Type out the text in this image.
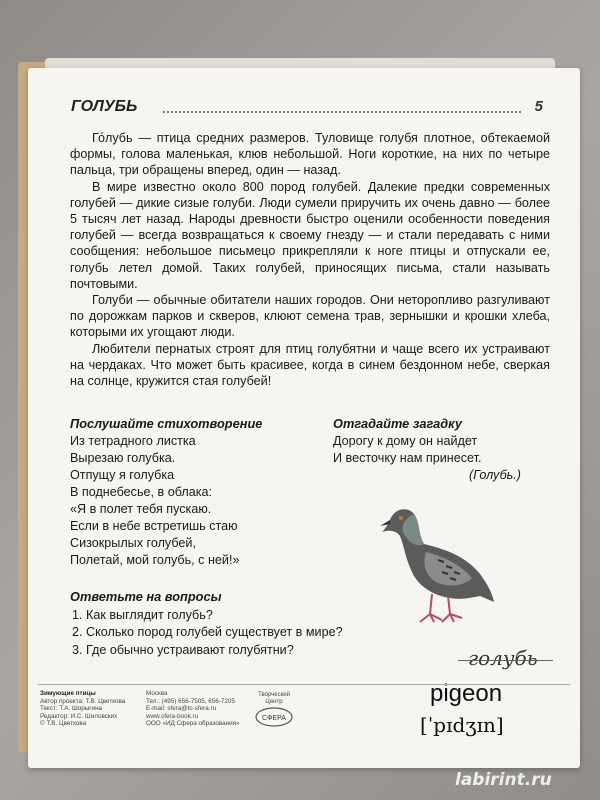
ГОЛУБЬ	5

Го́лубь — птица средних размеров. Туловище голубя плотное, обтекаемой формы, голова маленькая, клюв небольшой. Ноги короткие, на них по четыре пальца, три обращены вперед, один — назад.

В мире известно около 800 пород голубей. Далекие предки современных голубей — дикие сизые голуби. Люди сумели приручить их очень давно — более 5 тысяч лет назад. Народы древности быстро оценили особенности поведения голубей — всегда возвращаться к своему гнезду — и стали передавать с ними сообщения: небольшое письмецо прикрепляли к ноге птицы и отпускали ее, голубь летел домой. Таких голубей, приносящих письма, стали называть почтовыми.

Голуби — обычные обитатели наших городов. Они неторопливо разгуливают по дорожкам парков и скверов, клюют семена трав, зернышки и крошки хлеба, которыми их угощают люди.

Любители пернатых строят для птиц голубятни и чаще всего их устраивают на чердаках. Что может быть красивее, когда в синем бездонном небе, сверкая на солнце, кружится стая голубей!

Послушайте стихотворение
Из тетрадного листка
Вырезаю голубка.
Отпущу я голубка
В поднебесье, в облака:
«Я в полет тебя пускаю.
Если в небе встретишь стаю
Сизокрылых голубей,
Полетай, мой голубь, с ней!»
Отгадайте загадку
Дорогу к дому он найдет
И весточку нам принесет.
(Голубь.)
Ответьте на вопросы
1. Как выглядит голубь?
2. Сколько пород голубей существует в мире?
3. Где обычно устраивают голубятни?	голубь
pigeon
[ˈpɪdʒɪn]
Зимующие птицы
Автор проекта: Т.В. Цветкова
Текст: Т.А. Шорыгина
Редактор: И.С. Шиловских
© Т.В. Цветкова
Москва
Тел.: (495) 656-7505, 656-7205
E-mail: sfera@tc-sfera.ru
www.sfera-book.ru
ООО «ИД Сфера образования»
Творческий
Центр
СФЕРА
labirint.ru
